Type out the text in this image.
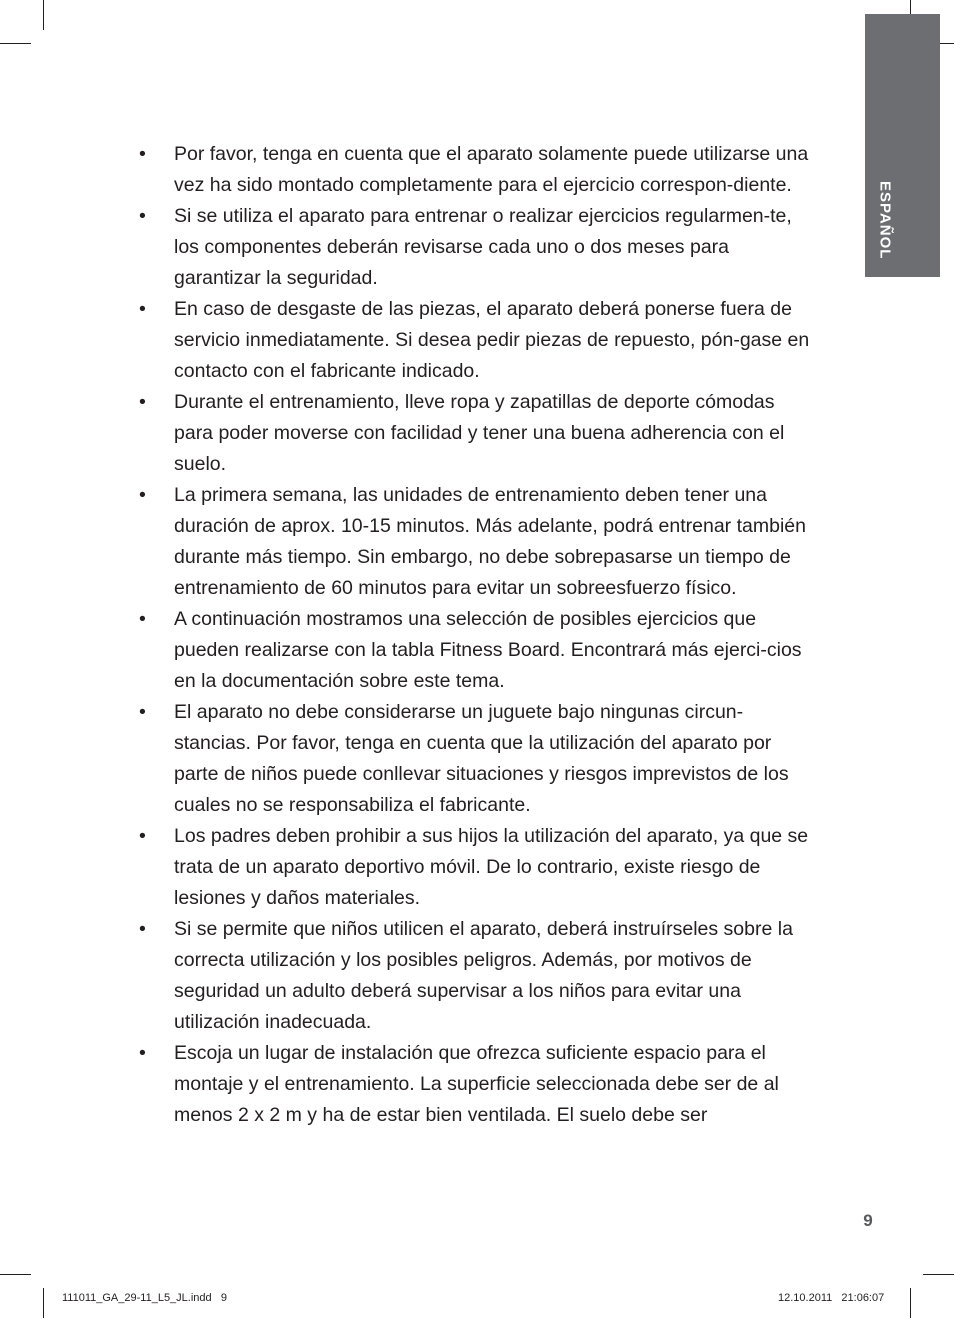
ESPAÑOL
• Por favor, tenga en cuenta que el aparato solamente puede utilizarse una vez ha sido montado completamente para el ejercicio correspon-diente.
• Si se utiliza el aparato para entrenar o realizar ejercicios regularmen-te, los componentes deberán revisarse cada uno o dos meses para garantizar la seguridad.
• En caso de desgaste de las piezas, el aparato deberá ponerse fuera de servicio inmediatamente. Si desea pedir piezas de repuesto, pón-gase en contacto con el fabricante indicado.
• Durante el entrenamiento, lleve ropa y zapatillas de deporte cómodas para poder moverse con facilidad y tener una buena adherencia con el suelo.
• La primera semana, las unidades de entrenamiento deben tener una duración de aprox. 10-15 minutos. Más adelante, podrá entrenar también durante más tiempo. Sin embargo, no debe sobrepasarse un tiempo de entrenamiento de 60 minutos para evitar un sobreesfuerzo físico.
• A continuación mostramos una selección de posibles ejercicios que pueden realizarse con la tabla Fitness Board. Encontrará más ejerci-cios en la documentación sobre este tema.
• El aparato no debe considerarse un juguete bajo ningunas circun-stancias. Por favor, tenga en cuenta que la utilización del aparato por parte de niños puede conllevar situaciones y riesgos imprevistos de los cuales no se responsabiliza el fabricante.
• Los padres deben prohibir a sus hijos la utilización del aparato, ya que se trata de un aparato deportivo móvil. De lo contrario, existe riesgo de lesiones y daños materiales.
• Si se permite que niños utilicen el aparato, deberá instruírseles sobre la correcta utilización y los posibles peligros. Además, por motivos de seguridad un adulto deberá supervisar a los niños para evitar una utilización inadecuada.
• Escoja un lugar de instalación que ofrezca suficiente espacio para el montaje y el entrenamiento. La superficie seleccionada debe ser de al menos 2 x 2 m y ha de estar bien ventilada. El suelo debe ser
9
111011_GA_29-11_L5_JL.indd   9	12.10.2011   21:06:07
